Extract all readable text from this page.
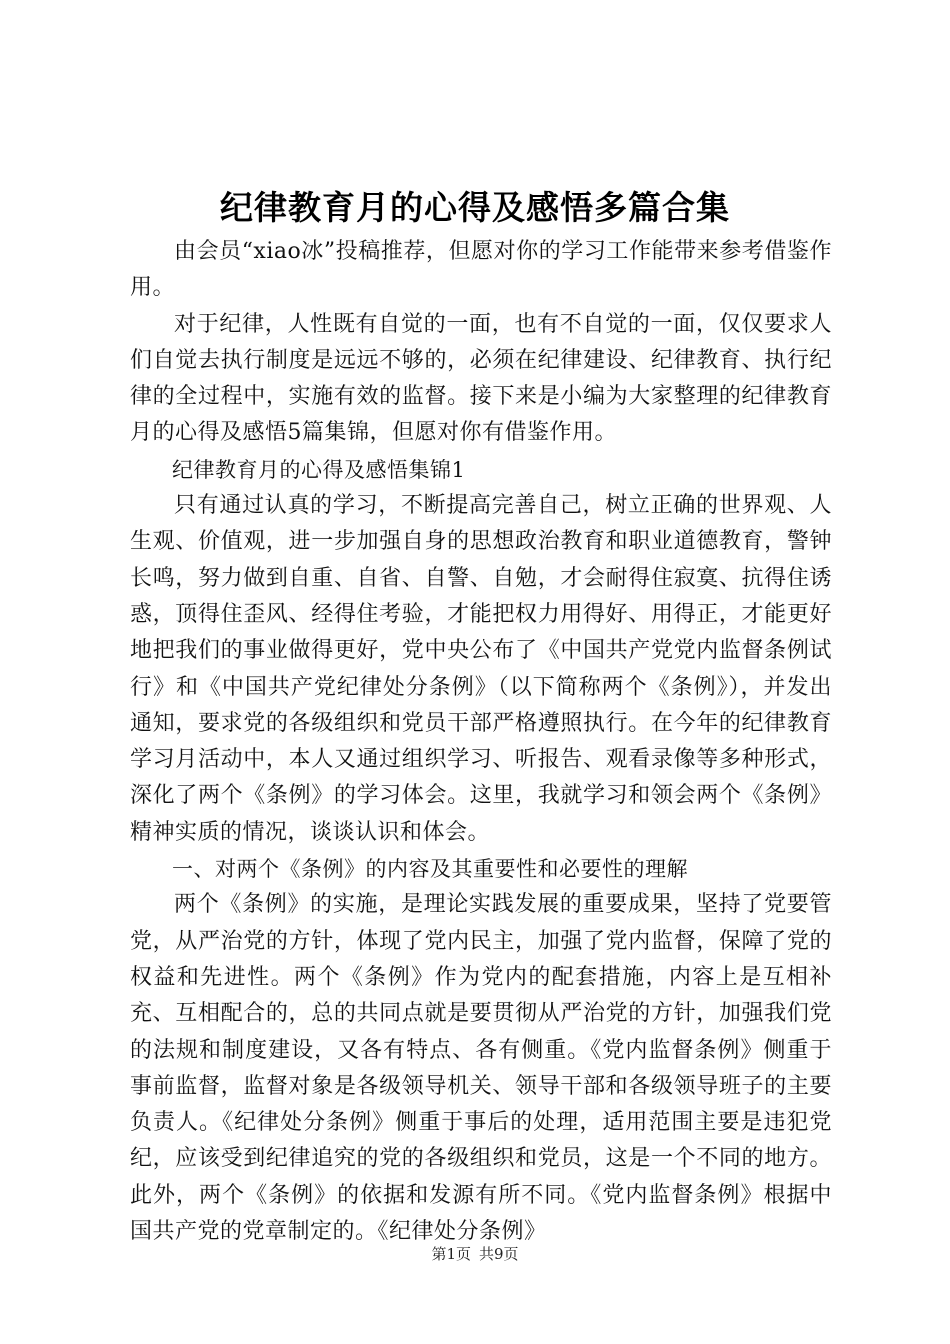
纪律教育月的心得及感悟多篇合集

由会员“xiao冰”投稿推荐，但愿对你的学习工作能带来参考借鉴作用。

对于纪律，人性既有自觉的一面，也有不自觉的一面，仅仅要求人们自觉去执行制度是远远不够的，必须在纪律建设、纪律教育、执行纪律的全过程中，实施有效的监督。接下来是小编为大家整理的纪律教育月的心得及感悟5篇集锦，但愿对你有借鉴作用。

纪律教育月的心得及感悟集锦1

只有通过认真的学习，不断提高完善自己，树立正确的世界观、人生观、价值观，进一步加强自身的思想政治教育和职业道德教育，警钟长鸣，努力做到自重、自省、自警、自勉，才会耐得住寂寞、抗得住诱惑，顶得住歪风、经得住考验，才能把权力用得好、用得正，才能更好地把我们的事业做得更好，党中央公布了《中国共产党党内监督条例试行》和《中国共产党纪律处分条例》（以下简称两个《条例》），并发出通知，要求党的各级组织和党员干部严格遵照执行。在今年的纪律教育学习月活动中，本人又通过组织学习、听报告、观看录像等多种形式，深化了两个《条例》的学习体会。这里，我就学习和领会两个《条例》精神实质的情况，谈谈认识和体会。

一、对两个《条例》的内容及其重要性和必要性的理解

两个《条例》的实施，是理论实践发展的重要成果，坚持了党要管党，从严治党的方针，体现了党内民主，加强了党内监督，保障了党的权益和先进性。两个《条例》作为党内的配套措施，内容上是互相补充、互相配合的，总的共同点就是要贯彻从严治党的方针，加强我们党的法规和制度建设，又各有特点、各有侧重。《党内监督条例》侧重于事前监督，监督对象是各级领导机关、领导干部和各级领导班子的主要负责人。《纪律处分条例》侧重于事后的处理，适用范围主要是违犯党纪，应该受到纪律追究的党的各级组织和党员，这是一个不同的地方。此外，两个《条例》的依据和发源有所不同。《党内监督条例》根据中国共产党的党章制定的。《纪律处分条例》

第1页 共9页
